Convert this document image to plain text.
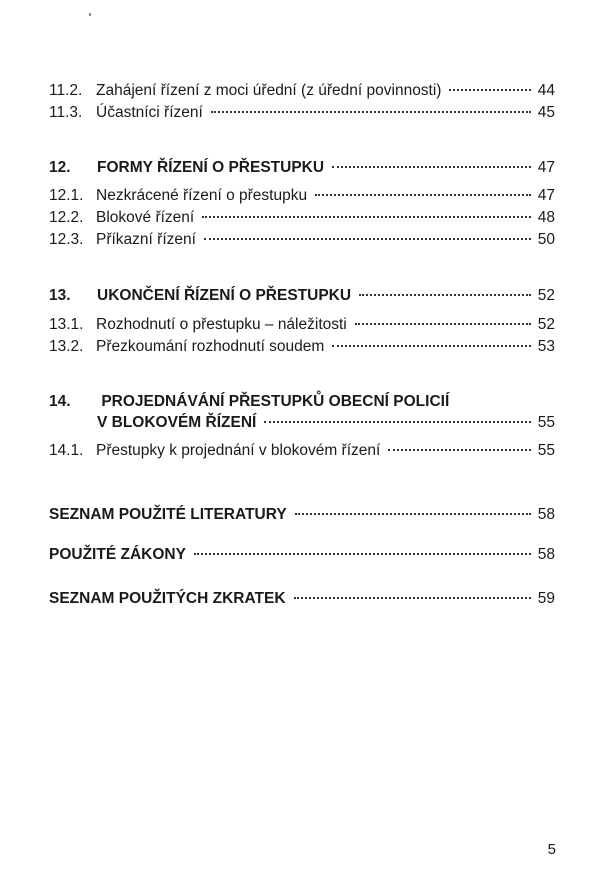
11.2. Zahájení řízení z moci úřední (z úřední povinnosti)	44
11.3. Účastníci řízení	45
12.	FORMY ŘÍZENÍ O PŘESTUPKU	47
12.1. Nezkrácené řízení o přestupku	47
12.2. Blokové řízení	48
12.3. Příkazní řízení	50
13.	UKONČENÍ ŘÍZENÍ O PŘESTUPKU	52
13.1. Rozhodnutí o přestupku – náležitosti	52
13.2. Přezkoumání rozhodnutí soudem	53
14. PROJEDNÁVÁNÍ PŘESTUPKŮ OBECNÍ POLICIÍ
V BLOKOVÉM ŘÍZENÍ	55
14.1. Přestupky k projednání v blokovém řízení	55
SEZNAM POUŽITÉ LITERATURY	58
POUŽITÉ ZÁKONY	58
SEZNAM POUŽITÝCH ZKRATEK	59
5
